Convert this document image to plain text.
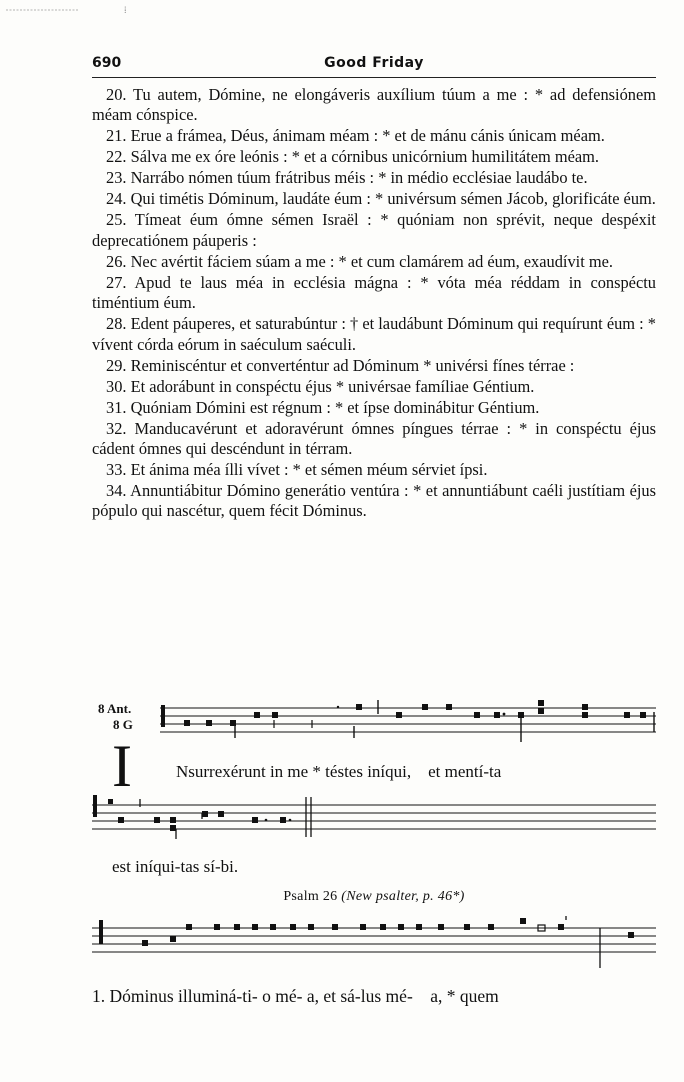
⁞
690	Good Friday

20. Tu autem, Dómine, ne elongáveris auxílium túum a me : * ad defensiónem méam cónspice.

21. Erue a frámea, Déus, ánimam méam : * et de mánu cánis únicam méam.

22. Sálva me ex óre leónis : * et a córnibus unicórnium humilitátem méam.

23. Narrábo nómen túum frátribus méis : * in médio ecclésiae laudábo te.

24. Qui timétis Dóminum, laudáte éum : * univérsum sémen Jácob, glorificáte éum.

25. Tímeat éum ómne sémen Israël : * quóniam non sprévit, neque despéxit deprecatiónem páuperis :

26. Nec avértit fáciem súam a me : * et cum clamárem ad éum, exaudívit me.

27. Apud te laus méa in ecclésia mágna : * vóta méa réddam in conspéctu timéntium éum.

28. Edent páuperes, et saturabúntur : † et laudábunt Dóminum qui requírunt éum : * vívent córda eórum in saéculum saéculi.

29. Reminiscéntur et converténtur ad Dóminum * univérsi fínes térrae :

30. Et adorábunt in conspéctu éjus * univérsae famíliae Géntium.

31. Quóniam Dómini est régnum : * et ípse dominábitur Géntium.

32. Manducavérunt et adoravérunt ómnes píngues térrae : * in conspéctu éjus cádent ómnes qui descéndunt in térram.

33. Et ánima méa ílli vívet : * et sémen méum sérviet ípsi.

34. Annuntiábitur Dómino generátio ventúra : * et annuntiábunt caéli justítiam éjus pópulo qui nascétur, quem fécit Dóminus.

8 Ant.
8 G
I	Nsurrexérunt in me * téstes iníqui,    et mentí-ta
est iníqui-tas sí-bi.
Psalm 26 (New psalter, p. 46*)
1. Dóminus illuminá-ti- o mé- a, et sá-lus mé-    a, * quem
